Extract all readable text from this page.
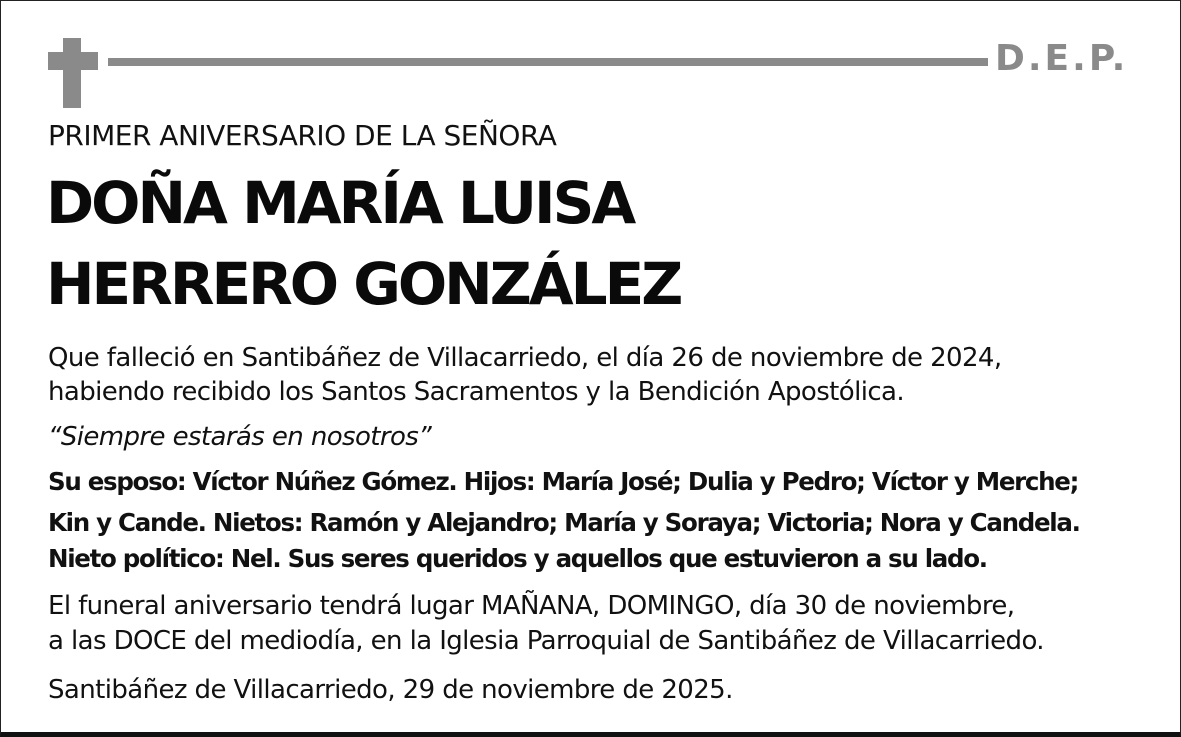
D.E.P.
PRIMER ANIVERSARIO DE LA SEÑORA
DOÑA MARÍA LUISA
HERRERO GONZÁLEZ
Que falleció en Santibáñez de Villacarriedo, el día 26 de noviembre de 2024,
habiendo recibido los Santos Sacramentos y la Bendición Apostólica.
“Siempre estarás en nosotros”
Su esposo: Víctor Núñez Gómez. Hijos: María José; Dulia y Pedro; Víctor y Merche;
Kin y Cande. Nietos: Ramón y Alejandro; María y Soraya; Victoria; Nora y Candela.
Nieto político: Nel. Sus seres queridos y aquellos que estuvieron a su lado.
El funeral aniversario tendrá lugar MAÑANA, DOMINGO, día 30 de noviembre,
a las DOCE del mediodía, en la Iglesia Parroquial de Santibáñez de Villacarriedo.
Santibáñez de Villacarriedo, 29 de noviembre de 2025.
